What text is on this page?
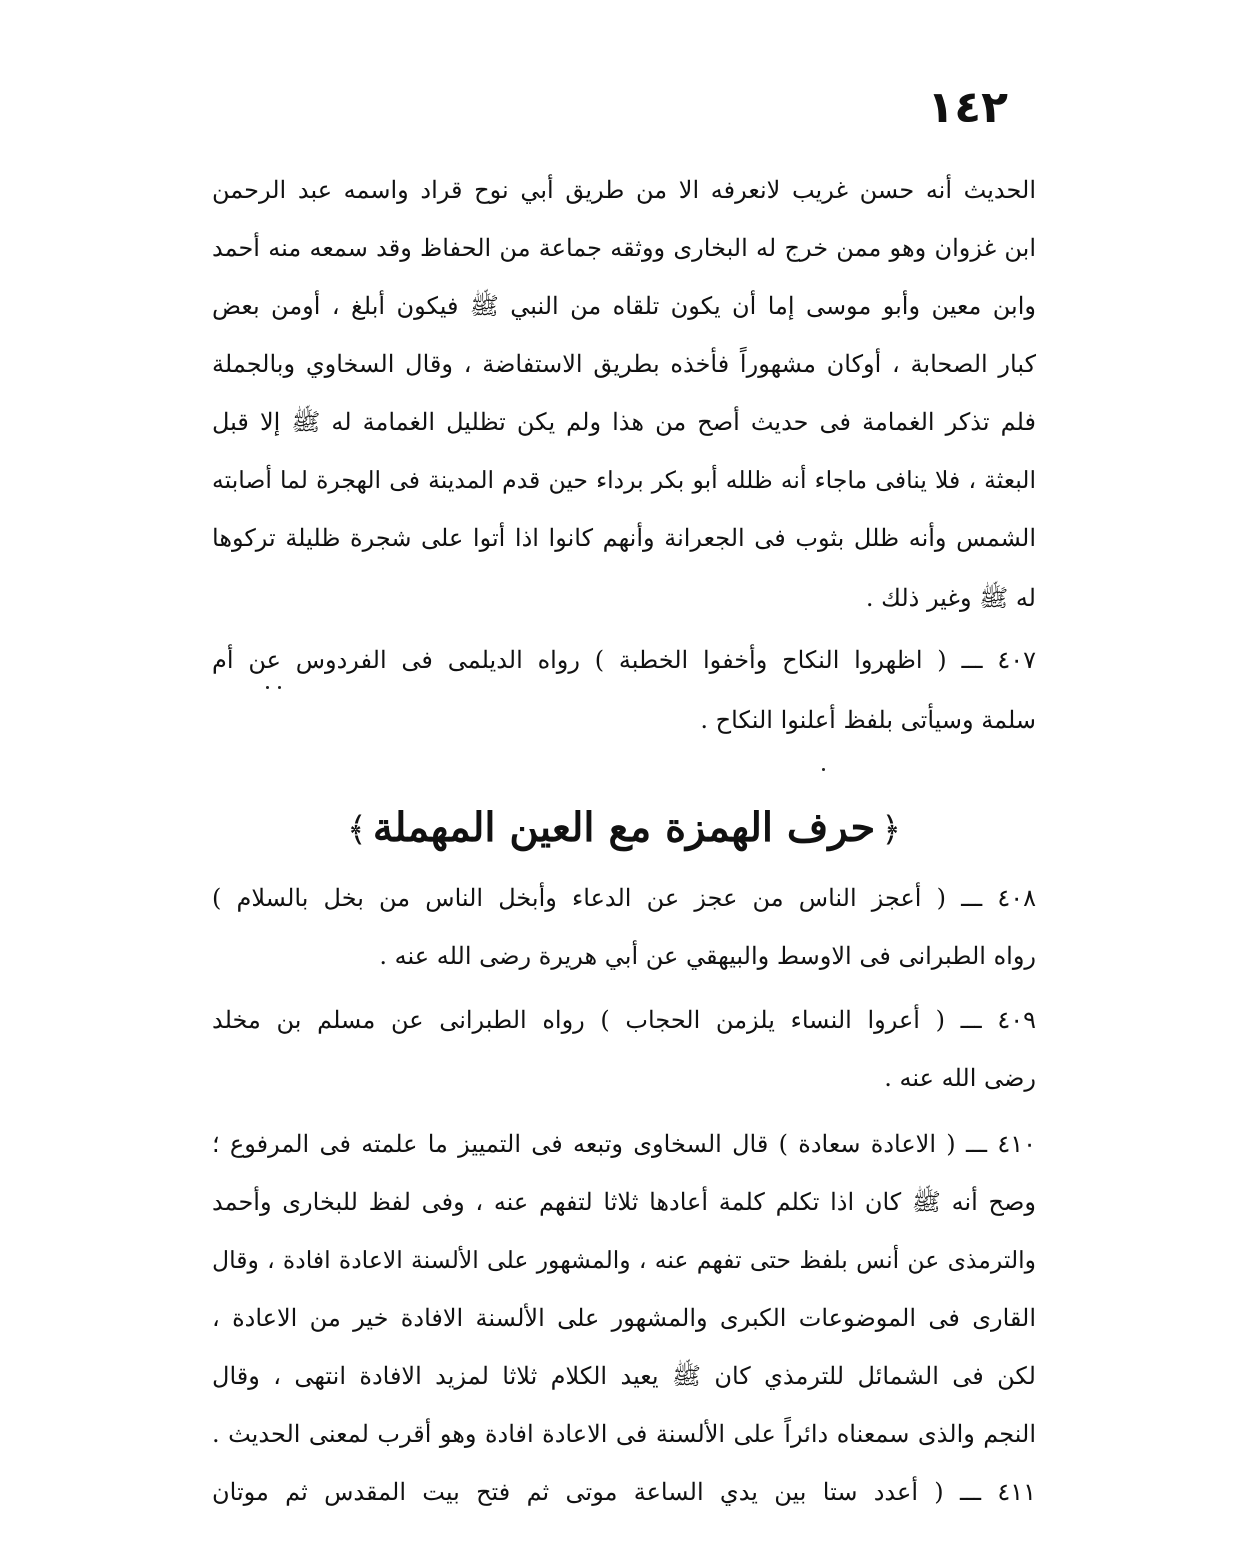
١٤٢
الحديث أنه حسن غريب لانعرفه الا من طريق أبي نوح قراد واسمه عبد الرحمن
ابن غزوان وهو ممن خرج له البخارى ووثقه جماعة من الحفاظ وقد سمعه منه أحمد
وابن معين وأبو موسى إما أن يكون تلقاه من النبي ﷺ فيكون أبلغ ، أومن بعض
كبار الصحابة ، أوكان مشهوراً فأخذه بطريق الاستفاضة ، وقال السخاوي وبالجملة
فلم تذكر الغمامة فى حديث أصح من هذا ولم يكن تظليل الغمامة له ﷺ إلا قبل
البعثة ، فلا ينافى ماجاء أنه ظلله أبو بكر برداء حين قدم المدينة فى الهجرة لما أصابته
الشمس وأنه ظلل بثوب فى الجعرانة وأنهم كانوا اذا أتوا على شجرة ظليلة تركوها
له ﷺ وغير ذلك .
٤٠٧ ـــ ( اظهروا النكاح وأخفوا الخطبة ) رواه الديلمى فى الفردوس عن أم
سلمة وسيأتى بلفظ أعلنوا النكاح .
﴿حرف الهمزة مع العين المهملة﴾
٤٠٨ ـــ ( أعجز الناس من عجز عن الدعاء وأبخل الناس من بخل بالسلام )
رواه الطبرانى فى الاوسط والبيهقي عن أبي هريرة رضى الله عنه .
٤٠٩ ـــ ( أعروا النساء يلزمن الحجاب ) رواه الطبرانى عن مسلم بن مخلد
رضى الله عنه .
٤١٠ ـــ ( الاعادة سعادة ) قال السخاوى وتبعه فى التمييز ما علمته فى المرفوع ؛
وصح أنه ﷺ كان اذا تكلم كلمة أعادها ثلاثا لتفهم عنه ، وفى لفظ للبخارى وأحمد
والترمذى عن أنس بلفظ حتى تفهم عنه ، والمشهور على الألسنة الاعادة افادة ، وقال
القارى فى الموضوعات الكبرى والمشهور على الألسنة الافادة خير من الاعادة ،
لكن فى الشمائل للترمذي كان ﷺ يعيد الكلام ثلاثا لمزيد الافادة انتهى ، وقال
النجم والذى سمعناه دائراً على الألسنة فى الاعادة افادة وهو أقرب لمعنى الحديث .
٤١١ ـــ ( أعدد ستا بين يدي الساعة موتى ثم فتح بيت المقدس ثم موتان
